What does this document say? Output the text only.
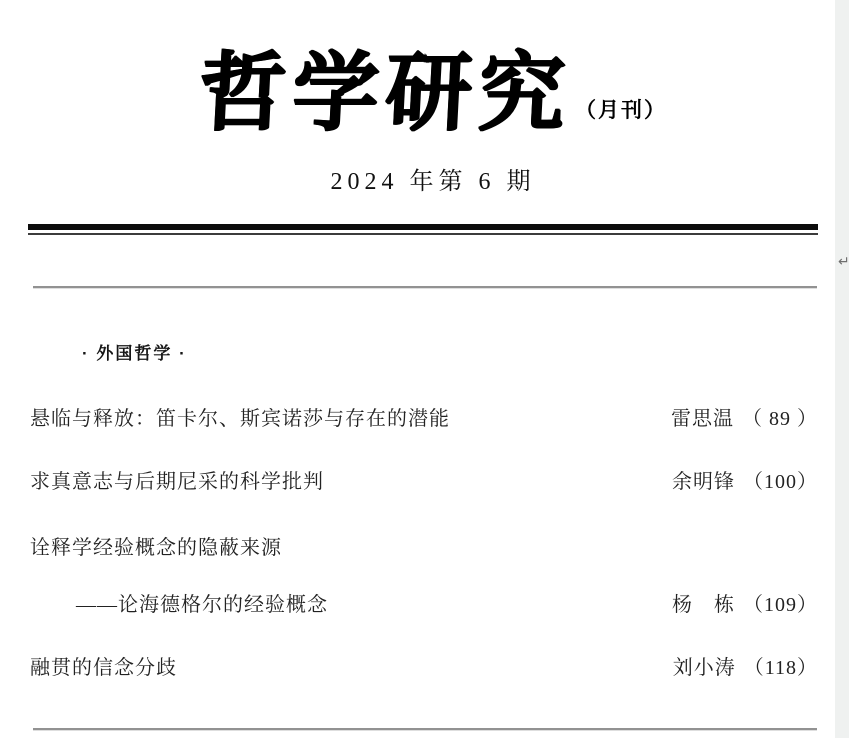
哲学研究 （月刊）
2024 年第 6 期
↵
· 外国哲学 ·
悬临与释放：笛卡尔、斯宾诺莎与存在的潜能	雷思温 （ 89 ）
求真意志与后期尼采的科学批判	余明锋 （100）
诠释学经验概念的隐蔽来源
——论海德格尔的经验概念	杨　栋 （109）
融贯的信念分歧	刘小涛 （118）
